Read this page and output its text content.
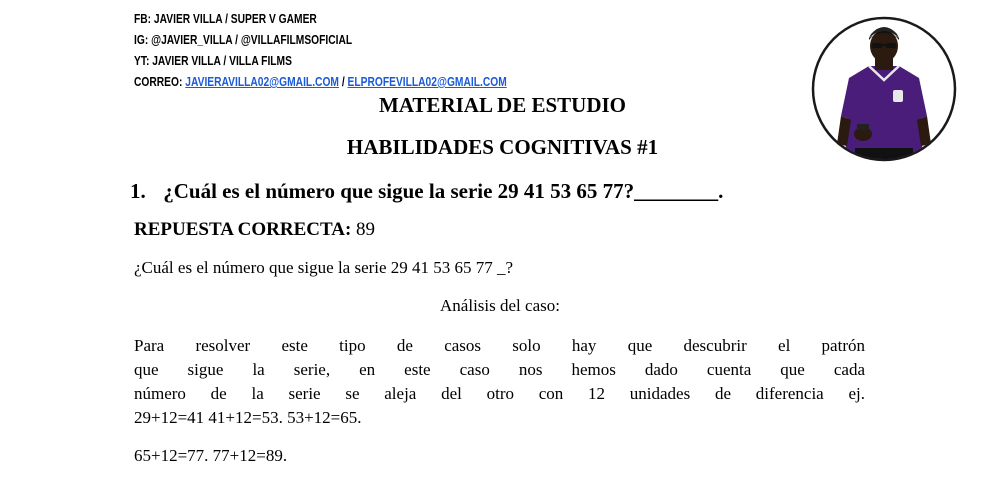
FB: JAVIER VILLA / SUPER V GAMER
IG: @JAVIER_VILLA / @VILLAFILMSOFICIAL
YT: JAVIER VILLA / VILLA FILMS
CORREO: JAVIERAVILLA02@GMAIL.COM / ELPROFEVILLA02@GMAIL.COM
MATERIAL DE ESTUDIO
HABILIDADES COGNITIVAS #1
1. ¿Cuál es el número que sigue la serie 29 41 53 65 77?________.
REPUESTA CORRECTA: 89
¿Cuál es el número que sigue la serie 29 41 53 65 77 _?
Análisis del caso:
Para resolver este tipo de casos solo hay que descubrir el patrón
que sigue la serie, en este caso nos hemos dado cuenta que cada
número de la serie se aleja del otro con 12 unidades de diferencia ej.
29+12=41 41+12=53. 53+12=65.
65+12=77. 77+12=89.
